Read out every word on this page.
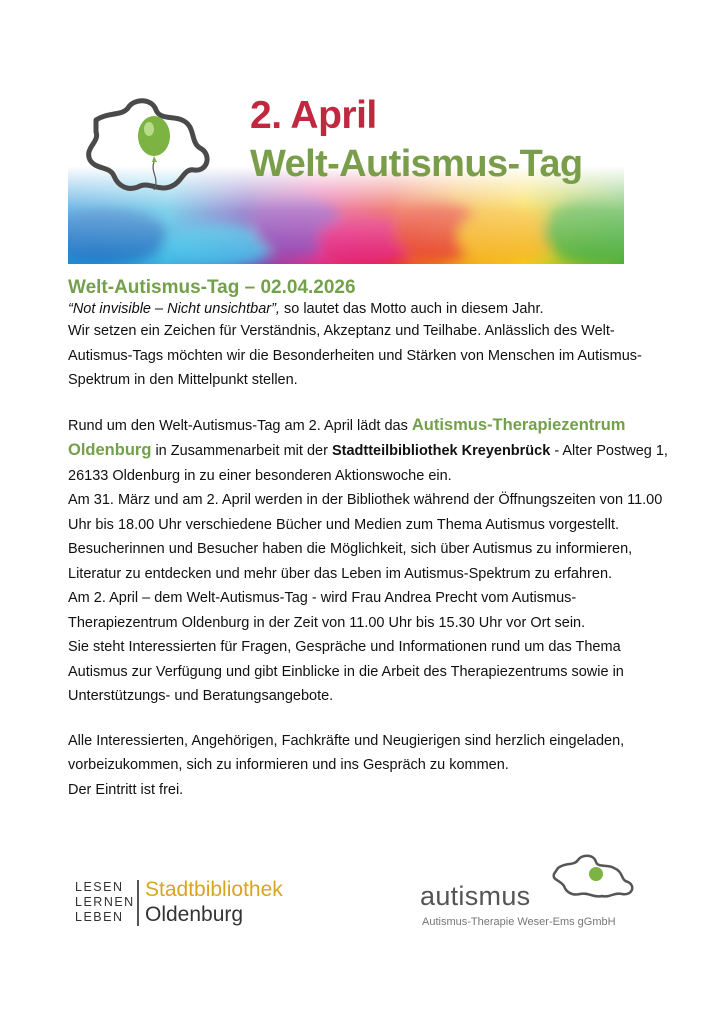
2. April
Welt-Autismus-Tag
Welt-Autismus-Tag – 02.04.2026
“Not invisible – Nicht unsichtbar”, so lautet das Motto auch in diesem Jahr.
Wir setzen ein Zeichen für Verständnis, Akzeptanz und Teilhabe. Anlässlich des Welt-Autismus-Tags möchten wir die Besonderheiten und Stärken von Menschen im Autismus-Spektrum in den Mittelpunkt stellen.
Rund um den Welt-Autismus-Tag am 2. April lädt das Autismus-Therapiezentrum Oldenburg in Zusammenarbeit mit der Stadtteilbibliothek Kreyenbrück - Alter Postweg 1, 26133 Oldenburg in zu einer besonderen Aktionswoche ein.
Am 31. März und am 2. April werden in der Bibliothek während der Öffnungszeiten von 11.00 Uhr bis 18.00 Uhr verschiedene Bücher und Medien zum Thema Autismus vorgestellt. Besucherinnen und Besucher haben die Möglichkeit, sich über Autismus zu informieren, Literatur zu entdecken und mehr über das Leben im Autismus-Spektrum zu erfahren.
Am 2. April – dem Welt-Autismus-Tag - wird Frau Andrea Precht vom Autismus-Therapiezentrum Oldenburg in der Zeit von 11.00 Uhr bis 15.30 Uhr vor Ort sein.
Sie steht Interessierten für Fragen, Gespräche und Informationen rund um das Thema Autismus zur Verfügung und gibt Einblicke in die Arbeit des Therapiezentrums sowie in Unterstützungs- und Beratungsangebote.
Alle Interessierten, Angehörigen, Fachkräfte und Neugierigen sind herzlich eingeladen, vorbeizukommen, sich zu informieren und ins Gespräch zu kommen.
Der Eintritt ist frei.
LESEN
LERNEN
LEBEN
Stadtbibliothek
Oldenburg
autismus
Autismus-Therapie Weser-Ems gGmbH
